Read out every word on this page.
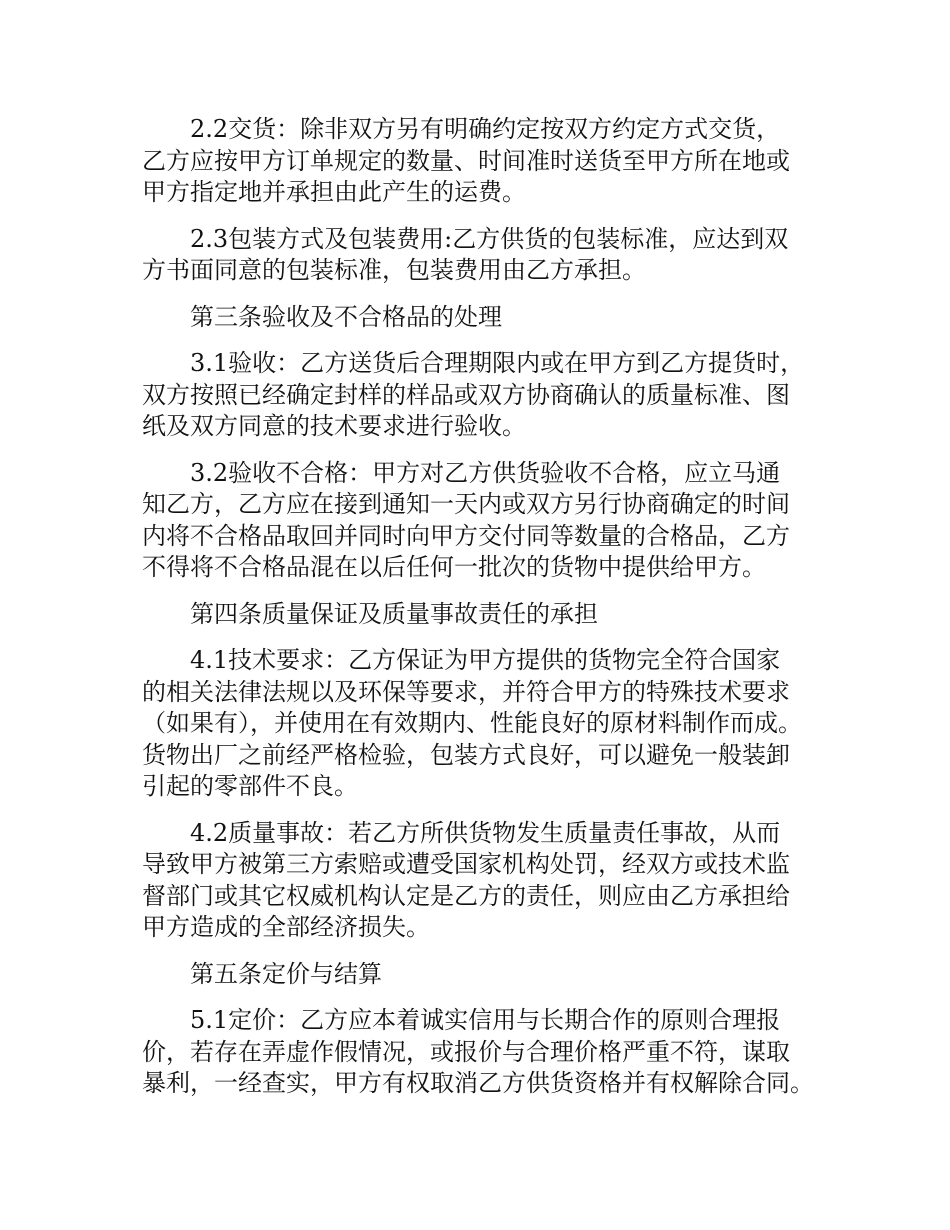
2.2交货：除非双方另有明确约定按双方约定方式交货，
乙方应按甲方订单规定的数量、时间准时送货至甲方所在地或
甲方指定地并承担由此产生的运费。

2.3包装方式及包装费用:乙方供货的包装标准，应达到双
方书面同意的包装标准，包装费用由乙方承担。

第三条验收及不合格品的处理

3.1验收：乙方送货后合理期限内或在甲方到乙方提货时，
双方按照已经确定封样的样品或双方协商确认的质量标准、图
纸及双方同意的技术要求进行验收。

3.2验收不合格：甲方对乙方供货验收不合格，应立马通
知乙方，乙方应在接到通知一天内或双方另行协商确定的时间
内将不合格品取回并同时向甲方交付同等数量的合格品，乙方
不得将不合格品混在以后任何一批次的货物中提供给甲方。

第四条质量保证及质量事故责任的承担

4.1技术要求：乙方保证为甲方提供的货物完全符合国家
的相关法律法规以及环保等要求，并符合甲方的特殊技术要求
（如果有），并使用在有效期内、性能良好的原材料制作而成。
货物出厂之前经严格检验，包装方式良好，可以避免一般装卸
引起的零部件不良。

4.2质量事故：若乙方所供货物发生质量责任事故，从而
导致甲方被第三方索赔或遭受国家机构处罚，经双方或技术监
督部门或其它权威机构认定是乙方的责任，则应由乙方承担给
甲方造成的全部经济损失。

第五条定价与结算

5.1定价：乙方应本着诚实信用与长期合作的原则合理报
价，若存在弄虚作假情况，或报价与合理价格严重不符，谋取
暴利，一经查实，甲方有权取消乙方供货资格并有权解除合同。
